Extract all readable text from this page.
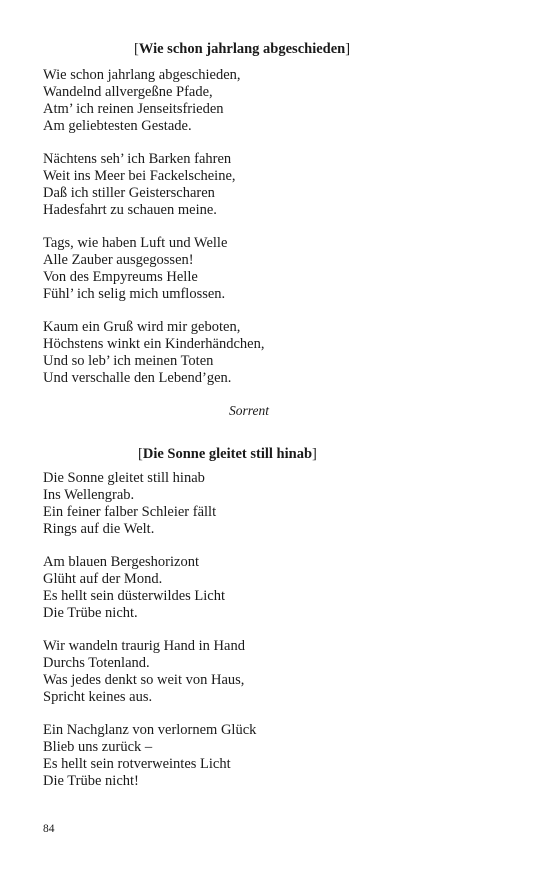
[Wie schon jahrlang abgeschieden]
Wie schon jahrlang abgeschieden,
Wandelnd allvergeßne Pfade,
Atm’ ich reinen Jenseitsfrieden
Am geliebtesten Gestade.
Nächtens seh’ ich Barken fahren
Weit ins Meer bei Fackelscheine,
Daß ich stiller Geisterscharen
Hadesfahrt zu schauen meine.
Tags, wie haben Luft und Welle
Alle Zauber ausgegossen!
Von des Empyreums Helle
Fühl’ ich selig mich umflossen.
Kaum ein Gruß wird mir geboten,
Höchstens winkt ein Kinderhändchen,
Und so leb’ ich meinen Toten
Und verschalle den Lebend’gen.
Sorrent
[Die Sonne gleitet still hinab]
Die Sonne gleitet still hinab
Ins Wellengrab.
Ein feiner falber Schleier fällt
Rings auf die Welt.
Am blauen Bergeshorizont
Glüht auf der Mond.
Es hellt sein düsterwildes Licht
Die Trübe nicht.
Wir wandeln traurig Hand in Hand
Durchs Totenland.
Was jedes denkt so weit von Haus,
Spricht keines aus.
Ein Nachglanz von verlornem Glück
Blieb uns zurück –
Es hellt sein rotverweintes Licht
Die Trübe nicht!
84
